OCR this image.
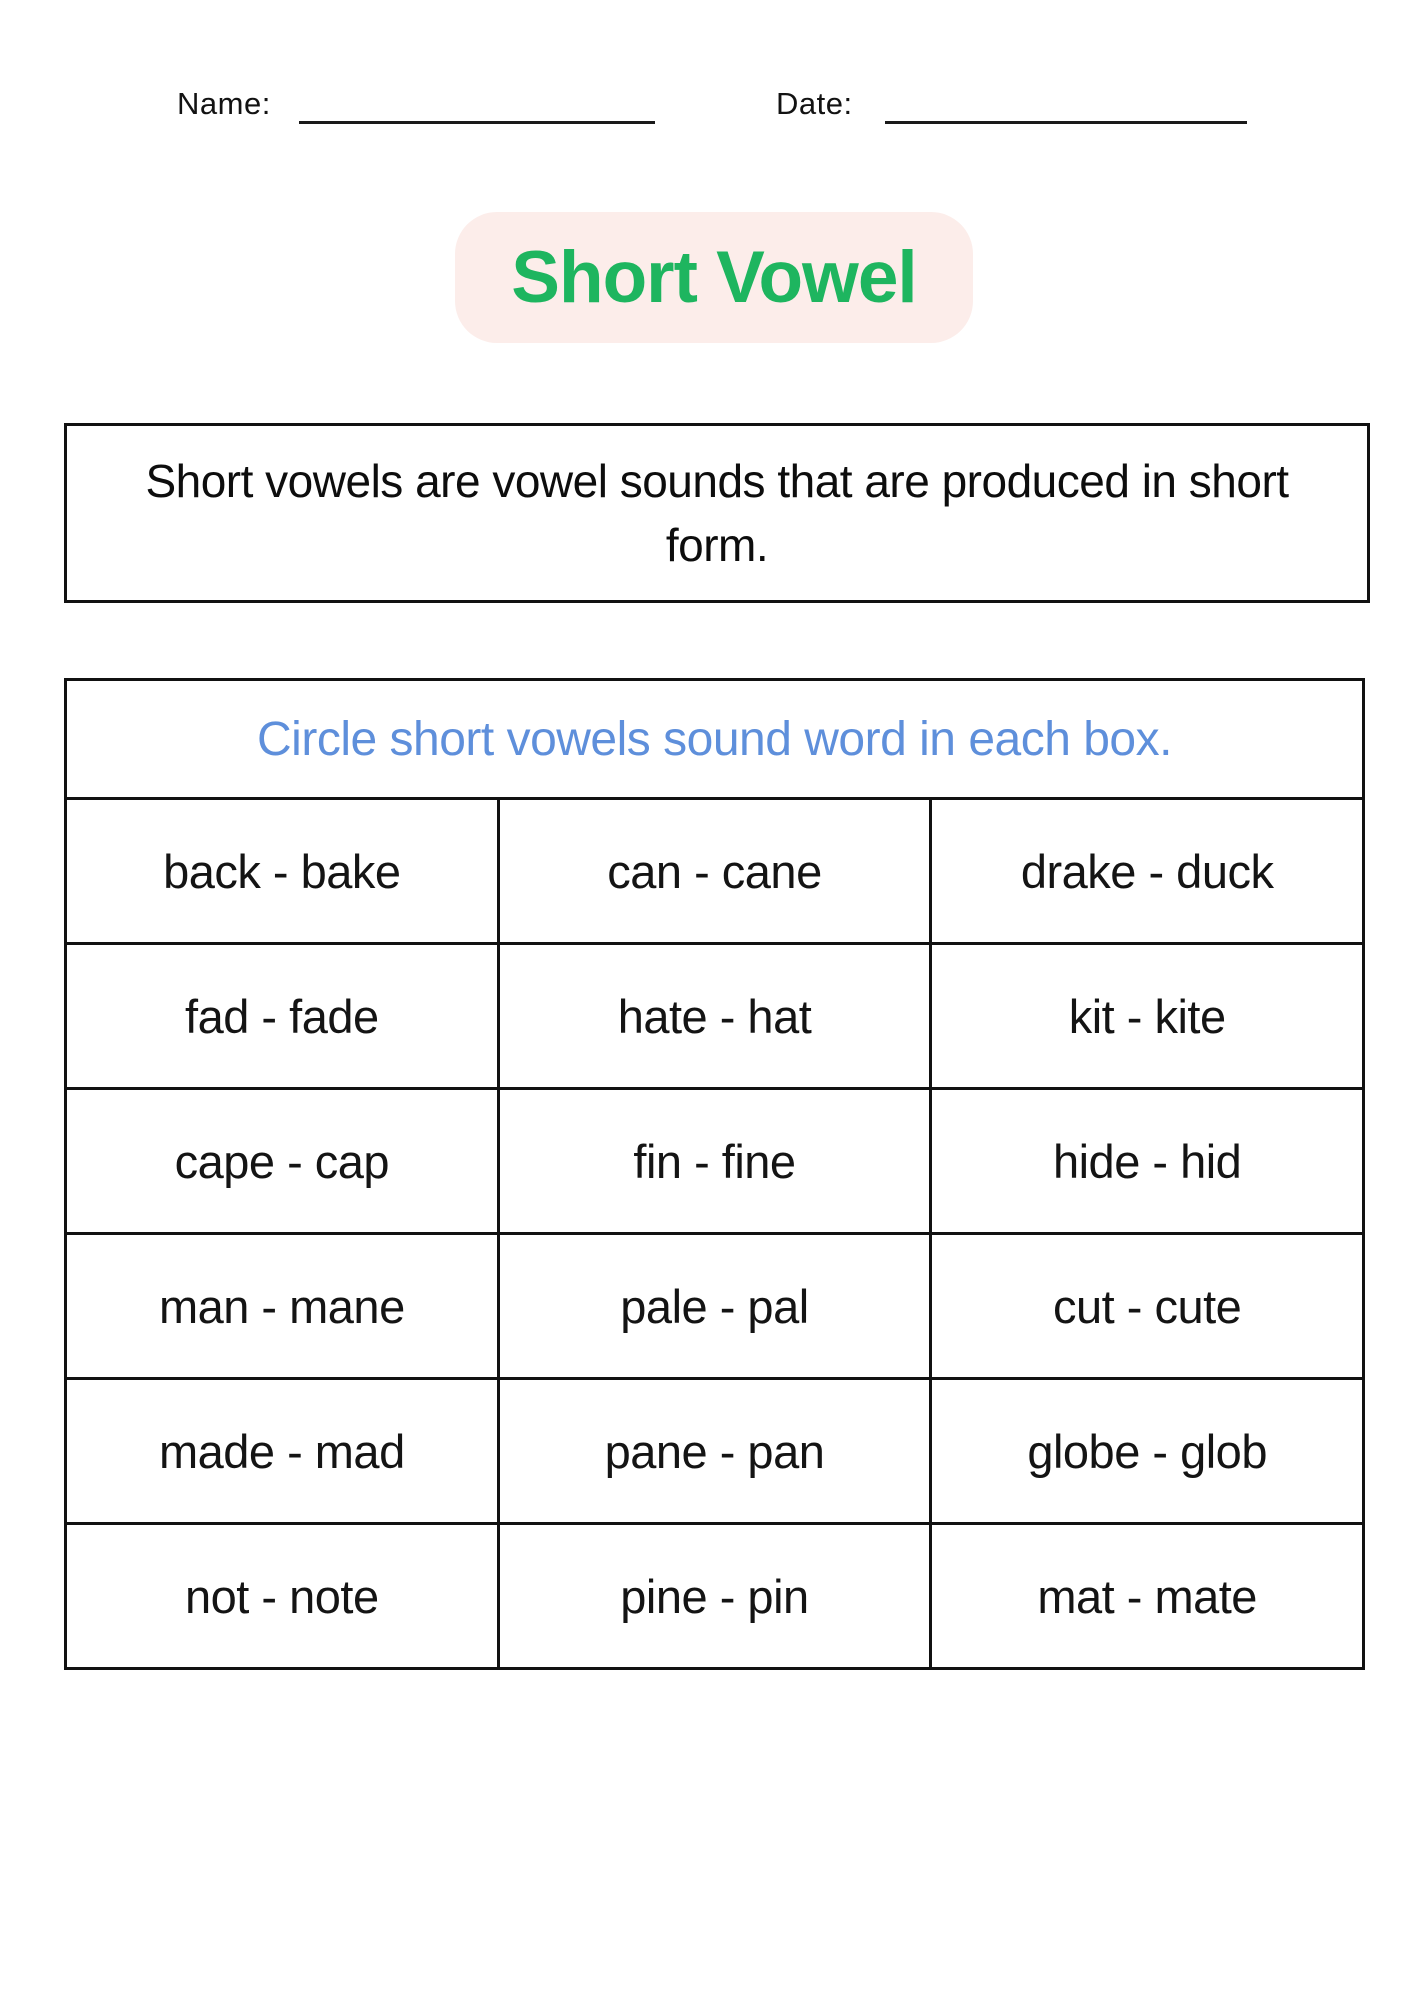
Name:	Date:
Short Vowel
Short vowels are vowel sounds that are produced in short form.
Circle short vowels sound word in each box.		
back - bake	can - cane	drake - duck
fad - fade	hate - hat	kit - kite
cape - cap	fin - fine	hide - hid
man - mane	pale - pal	cut - cute
made - mad	pane - pan	globe - glob
not - note	pine - pin	mat - mate
